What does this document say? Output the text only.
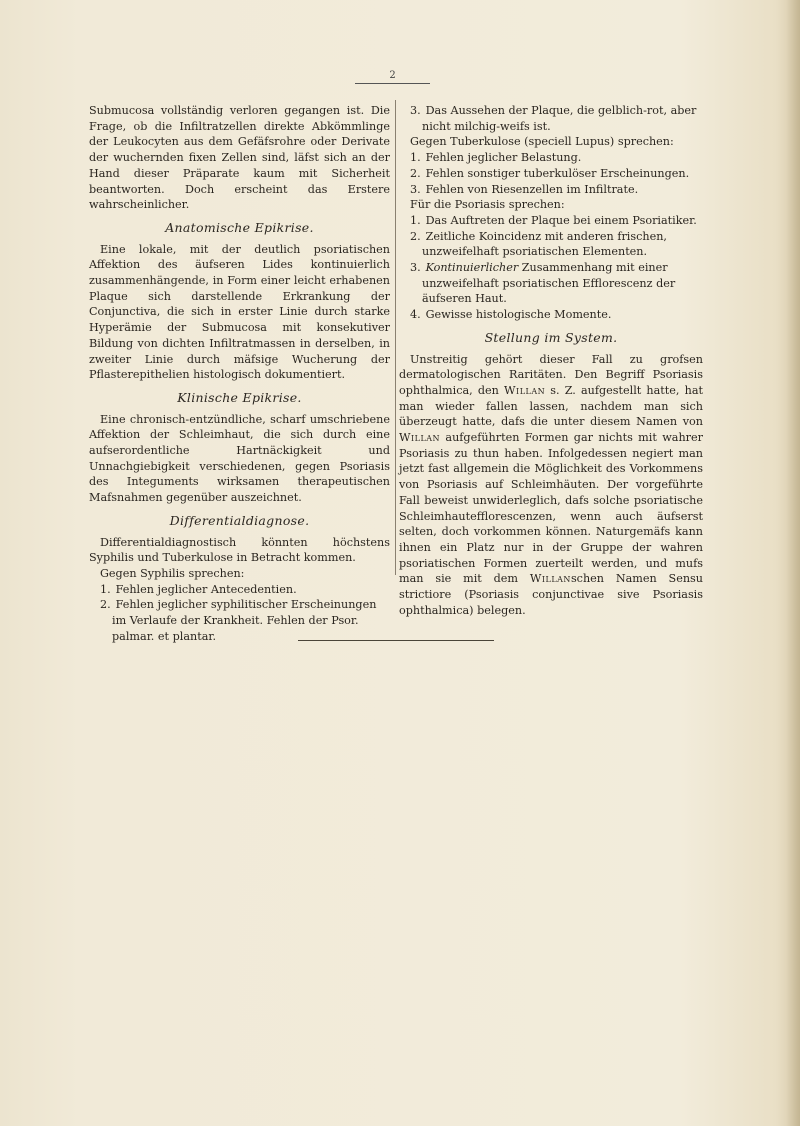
2

Submucosa vollständig verloren gegangen ist. Die Frage, ob die Infiltratzellen direkte Abkömmlinge der Leukocyten aus dem Gefäfsrohre oder Derivate der wuchernden fixen Zellen sind, läfst sich an der Hand dieser Präparate kaum mit Sicherheit beantworten. Doch erscheint das Erstere wahrscheinlicher.

Anatomische Epikrise.

Eine lokale, mit der deutlich psoriatischen Affektion des äufseren Lides kontinuierlich zusammenhängende, in Form einer leicht erhabenen Plaque sich darstellende Erkrankung der Conjunctiva, die sich in erster Linie durch starke Hyperämie der Submucosa mit konsekutiver Bildung von dichten Infiltratmassen in derselben, in zweiter Linie durch mäfsige Wucherung der Pflasterepithelien histologisch dokumentiert.

Klinische Epikrise.

Eine chronisch-entzündliche, scharf umschriebene Affektion der Schleimhaut, die sich durch eine aufserordentliche Hartnäckigkeit und Unnachgiebigkeit verschiedenen, gegen Psoriasis des Integuments wirksamen therapeutischen Mafsnahmen gegenüber auszeichnet.

Differentialdiagnose.

Differentialdiagnostisch könnten höchstens Syphilis und Tuberkulose in Betracht kommen.

Gegen Syphilis sprechen:

1. Fehlen jeglicher Antecedentien.

2. Fehlen jeglicher syphilitischer Erscheinungen im Verlaufe der Krankheit. Fehlen der Psor. palmar. et plantar.

3. Das Aussehen der Plaque, die gelblich-rot, aber nicht milchig-weifs ist.

Gegen Tuberkulose (speciell Lupus) sprechen:

1. Fehlen jeglicher Belastung.

2. Fehlen sonstiger tuberkulöser Erscheinungen.

3. Fehlen von Riesenzellen im Infiltrate.

Für die Psoriasis sprechen:

1. Das Auftreten der Plaque bei einem Psoriatiker.

2. Zeitliche Koincidenz mit anderen frischen, unzweifelhaft psoriatischen Elementen.

3. Kontinuierlicher Zusammenhang mit einer unzweifelhaft psoriatischen Efflorescenz der äufseren Haut.

4. Gewisse histologische Momente.

Stellung im System.

Unstreitig gehört dieser Fall zu grofsen dermatologischen Raritäten. Den Begriff Psoriasis ophthalmica, den Willan s. Z. aufgestellt hatte, hat man wieder fallen lassen, nachdem man sich überzeugt hatte, dafs die unter diesem Namen von Willan aufgeführten Formen gar nichts mit wahrer Psoriasis zu thun haben. Infolgedessen negiert man jetzt fast allgemein die Möglichkeit des Vorkommens von Psoriasis auf Schleimhäuten. Der vorgeführte Fall beweist unwiderleglich, dafs solche psoriatische Schleimhautefflorescenzen, wenn auch äufserst selten, doch vorkommen können. Naturgemäfs kann ihnen ein Platz nur in der Gruppe der wahren psoriatischen Formen zuerteilt werden, und mufs man sie mit dem Willanschen Namen Sensu strictiore (Psoriasis conjunctivae sive Psoriasis ophthalmica) belegen.
